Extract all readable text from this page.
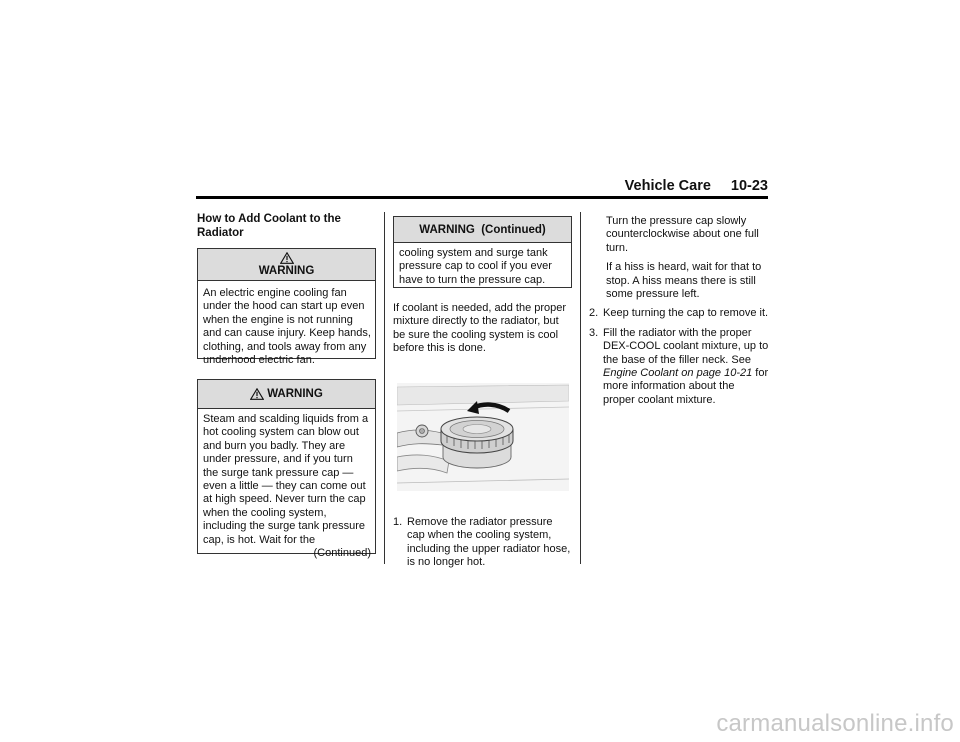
Vehicle Care 10-23
How to Add Coolant to the Radiator
WARNING
An electric engine cooling fan under the hood can start up even when the engine is not running and can cause injury. Keep hands, clothing, and tools away from any underhood electric fan.
WARNING
Steam and scalding liquids from a hot cooling system can blow out and burn you badly. They are under pressure, and if you turn the surge tank pressure cap — even a little — they can come out at high speed. Never turn the cap when the cooling system, including the surge tank pressure cap, is hot. Wait for the
(Continued)
WARNING  (Continued)
cooling system and surge tank pressure cap to cool if you ever have to turn the pressure cap.
If coolant is needed, add the proper mixture directly to the radiator, but be sure the cooling system is cool before this is done.
1. Remove the radiator pressure cap when the cooling system, including the upper radiator hose, is no longer hot.
Turn the pressure cap slowly counterclockwise about one full turn.
If a hiss is heard, wait for that to stop. A hiss means there is still some pressure left.
2. Keep turning the cap to remove it.
3. Fill the radiator with the proper DEX-COOL coolant mixture, up to the base of the filler neck. See Engine Coolant on page 10-21 for more information about the proper coolant mixture.
carmanualsonline.info
